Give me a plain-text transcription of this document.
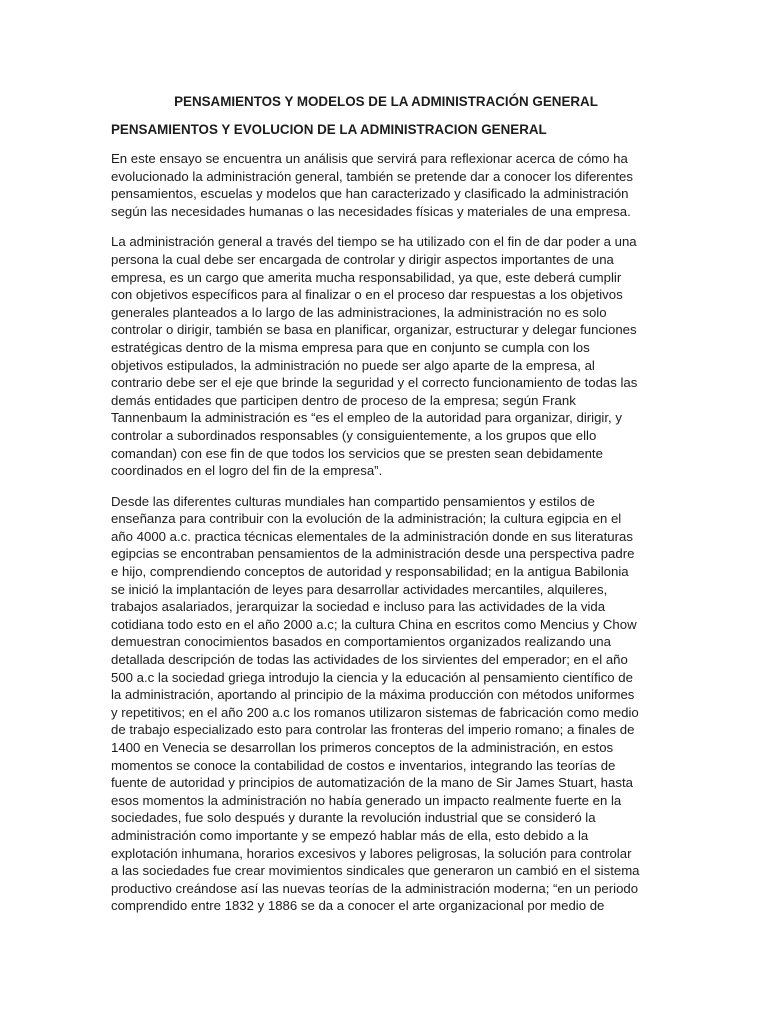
PENSAMIENTOS Y MODELOS DE LA ADMINISTRACIÓN GENERAL
PENSAMIENTOS Y EVOLUCION DE LA ADMINISTRACION GENERAL

En este ensayo se encuentra un análisis que servirá para reflexionar acerca de cómo ha
evolucionado la administración general, también se pretende dar a conocer los diferentes
pensamientos, escuelas y modelos que han caracterizado y clasificado la administración
según las necesidades humanas o las necesidades físicas y materiales de una empresa.

La administración general a través del tiempo se ha utilizado con el fin de dar poder a una
persona la cual debe ser encargada de controlar y dirigir aspectos importantes de una
empresa, es un cargo que amerita mucha responsabilidad, ya que, este deberá cumplir
con objetivos específicos para al finalizar o en el proceso dar respuestas a los objetivos
generales planteados a lo largo de las administraciones, la administración no es solo
controlar o dirigir, también se basa en planificar, organizar, estructurar y delegar funciones
estratégicas dentro de la misma empresa para que en conjunto se cumpla con los
objetivos estipulados, la administración no puede ser algo aparte de la empresa, al
contrario debe ser el eje que brinde la seguridad y el correcto funcionamiento de todas las
demás entidades que participen dentro de proceso de la empresa; según Frank
Tannenbaum la administración es “es el empleo de la autoridad para organizar, dirigir, y
controlar a subordinados responsables (y consiguientemente, a los grupos que ello
comandan) con ese fin de que todos los servicios que se presten sean debidamente
coordinados en el logro del fin de la empresa”.

Desde las diferentes culturas mundiales han compartido pensamientos y estilos de
enseñanza para contribuir con la evolución de la administración; la cultura egipcia en el
año 4000 a.c. practica técnicas elementales de la administración donde en sus literaturas
egipcias se encontraban pensamientos de la administración desde una perspectiva padre
e hijo, comprendiendo conceptos de autoridad y responsabilidad; en la antigua Babilonia
se inició la implantación de leyes para desarrollar actividades mercantiles, alquileres,
trabajos asalariados, jerarquizar la sociedad e incluso para las actividades de la vida
cotidiana todo esto en el año 2000 a.c; la cultura China en escritos como Mencius y Chow
demuestran conocimientos basados en comportamientos organizados realizando una
detallada descripción de todas las actividades de los sirvientes del emperador; en el año
500 a.c la sociedad griega introdujo la ciencia y la educación al pensamiento científico de
la administración, aportando al principio de la máxima producción con métodos uniformes
y repetitivos; en el año 200 a.c los romanos utilizaron sistemas de fabricación como medio
de trabajo especializado esto para controlar las fronteras del imperio romano; a finales de
1400 en Venecia se desarrollan los primeros conceptos de la administración, en estos
momentos se conoce la contabilidad de costos e inventarios, integrando las teorías de
fuente de autoridad y principios de automatización de la mano de Sir James Stuart, hasta
esos momentos la administración no había generado un impacto realmente fuerte en la
sociedades, fue solo después y durante la revolución industrial que se consideró la
administración como importante y se empezó hablar más de ella, esto debido a la
explotación inhumana, horarios excesivos y labores peligrosas, la solución para controlar
a las sociedades fue crear movimientos sindicales que generaron un cambió en el sistema
productivo creándose así las nuevas teorías de la administración moderna; “en un periodo
comprendido entre 1832 y 1886 se da a conocer el arte organizacional por medio de
